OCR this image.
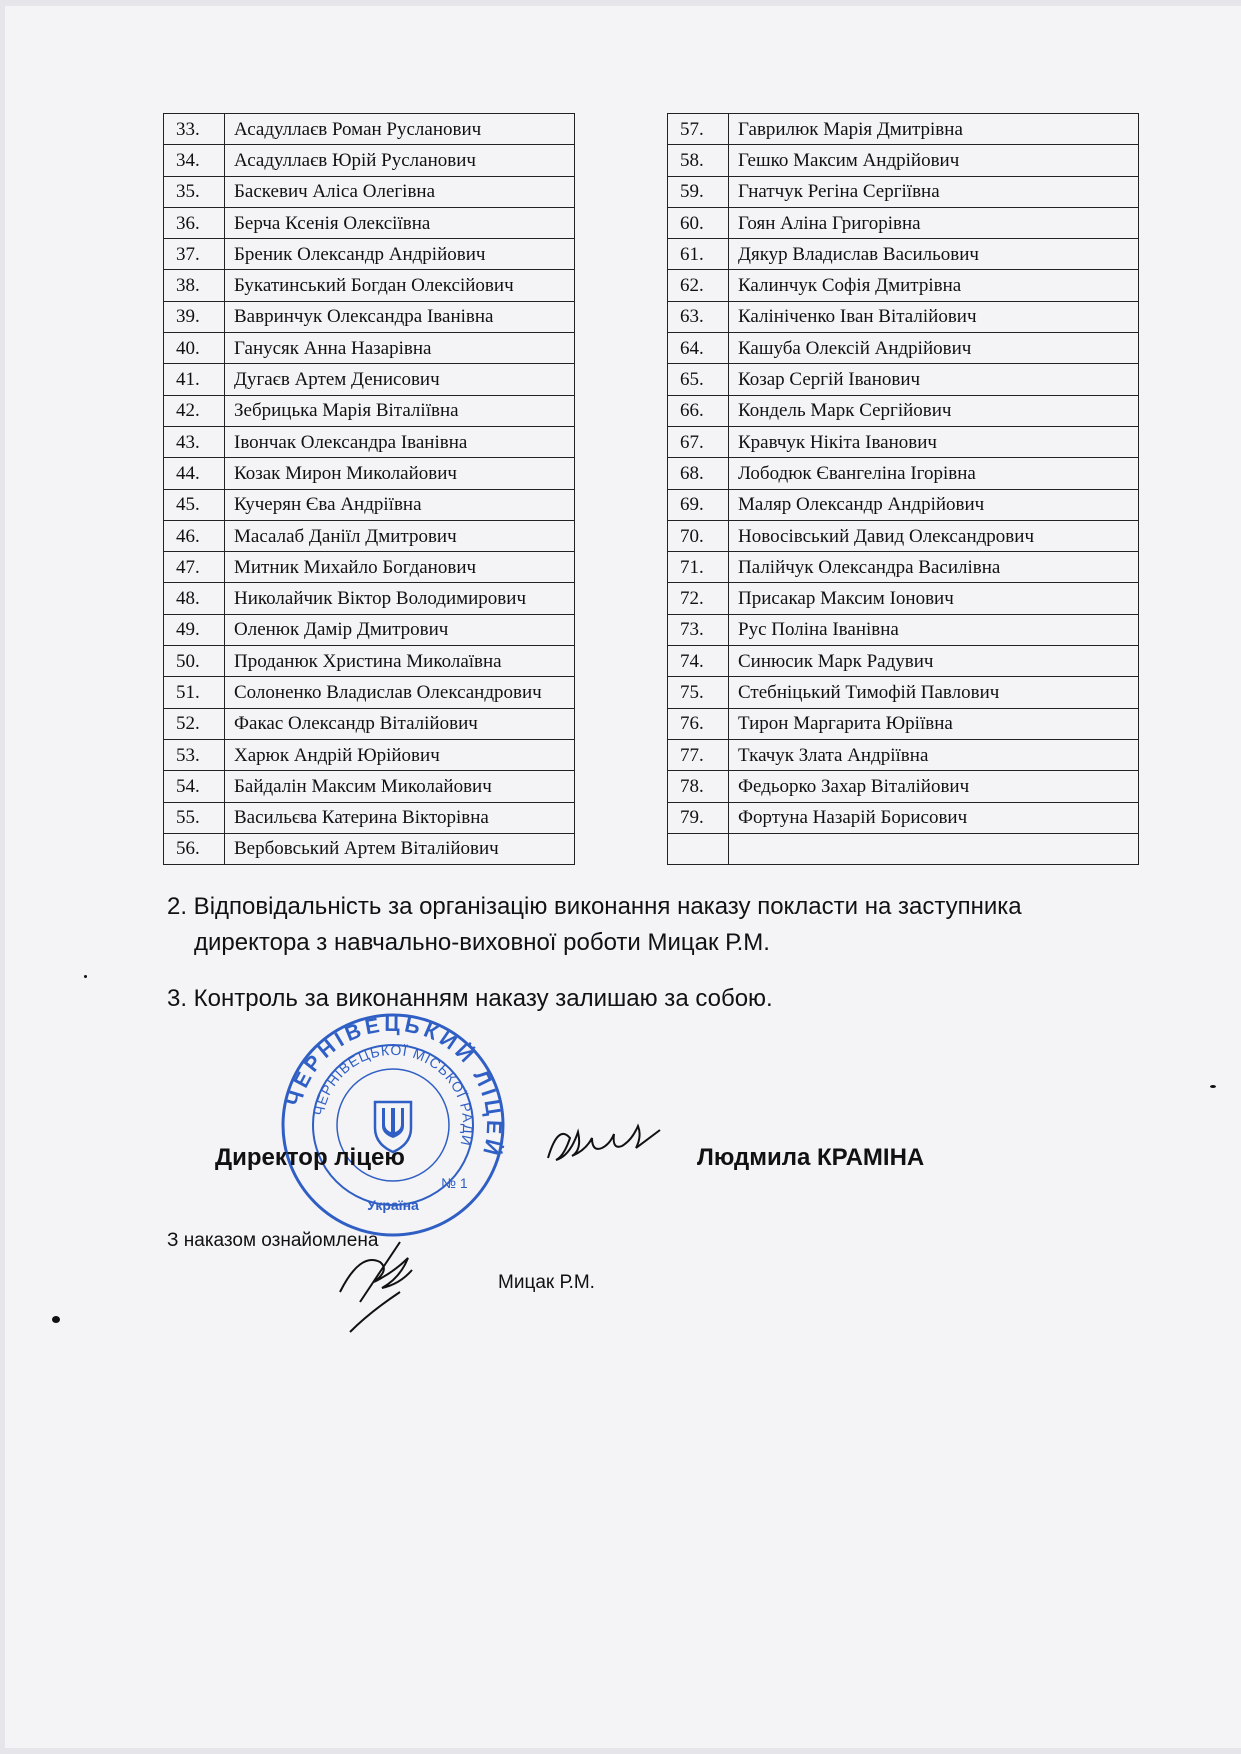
33.	Асадуллаєв Роман Русланович
34.	Асадуллаєв Юрій Русланович
35.	Баскевич Аліса Олегівна
36.	Берча Ксенія Олексіївна
37.	Бреник Олександр Андрійович
38.	Букатинський Богдан Олексійович
39.	Вавринчук Олександра Іванівна
40.	Ганусяк Анна Назарівна
41.	Дугаєв Артем Денисович
42.	Зебрицька Марія Віталіївна
43.	Івончак Олександра Іванівна
44.	Козак Мирон Миколайович
45.	Кучерян Єва Андріївна
46.	Масалаб Даніїл Дмитрович
47.	Митник Михайло Богданович
48.	Николайчик Віктор Володимирович
49.	Оленюк Дамір Дмитрович
50.	Проданюк Христина Миколаївна
51.	Солоненко Владислав Олександрович
52.	Факас Олександр Віталійович
53.	Харюк Андрій Юрійович
54.	Байдалін Максим Миколайович
55.	Васильєва Катерина Вікторівна
56.	Вербовський Артем Віталійович
57.	Гаврилюк Марія Дмитрівна
58.	Гешко Максим Андрійович
59.	Гнатчук Регіна Сергіївна
60.	Гоян Аліна Григорівна
61.	Дякур Владислав Васильович
62.	Калинчук Софія Дмитрівна
63.	Калініченко Іван Віталійович
64.	Кашуба Олексій Андрійович
65.	Козар Сергій Іванович
66.	Кондель Марк Сергійович
67.	Кравчук Нікіта Іванович
68.	Лободюк Євангеліна Ігорівна
69.	Маляр Олександр Андрійович
70.	Новосівський Давид Олександрович
71.	Палійчук Олександра Василівна
72.	Присакар Максим Іонович
73.	Рус Поліна Іванівна
74.	Синюсик Марк Радувич
75.	Стебніцький Тимофій Павлович
76.	Тирон Маргарита Юріївна
77.	Ткачук Злата Андріївна
78.	Федьорко Захар Віталійович
79.	Фортуна Назарій Борисович

2. Відповідальність за організацію виконання наказу покласти на заступника
директора з навчально-виховної роботи Мицак Р.М.
3. Контроль за виконанням наказу залишаю за собою.
ЧЕРНІВЕЦЬКИЙ ЛІЦЕЙ
ЧЕРНІВЕЦЬКОЇ МІСЬКОЇ РАДИ
№ 1
Україна
Директор ліцею	Людмила КРАМІНА
З наказом ознайомлена
Мицак Р.М.
